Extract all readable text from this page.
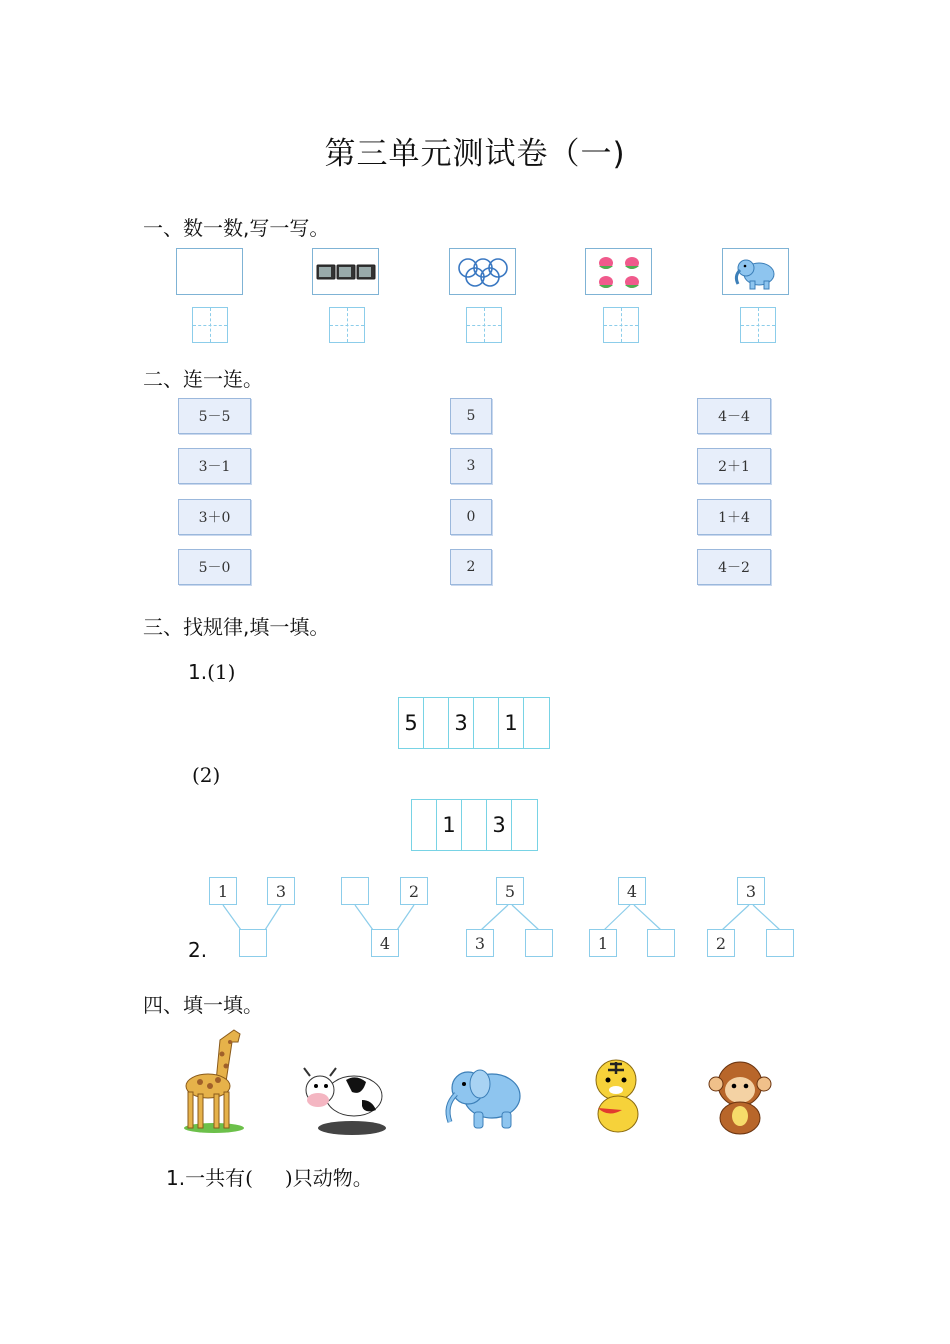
第三单元测试卷（一)
一、数一数,写一写。
二、连一连。
5－5
3－1
3＋0
5－0
5
3
0
2
4－4
2＋1
1＋4
4－2
三、找规律,填一填。
1.(1)
5	3	1
(2)
1	3
1	3	2
4
5
3
4
1
3
2
2.
四、填一填。
1.一共有( )只动物。
